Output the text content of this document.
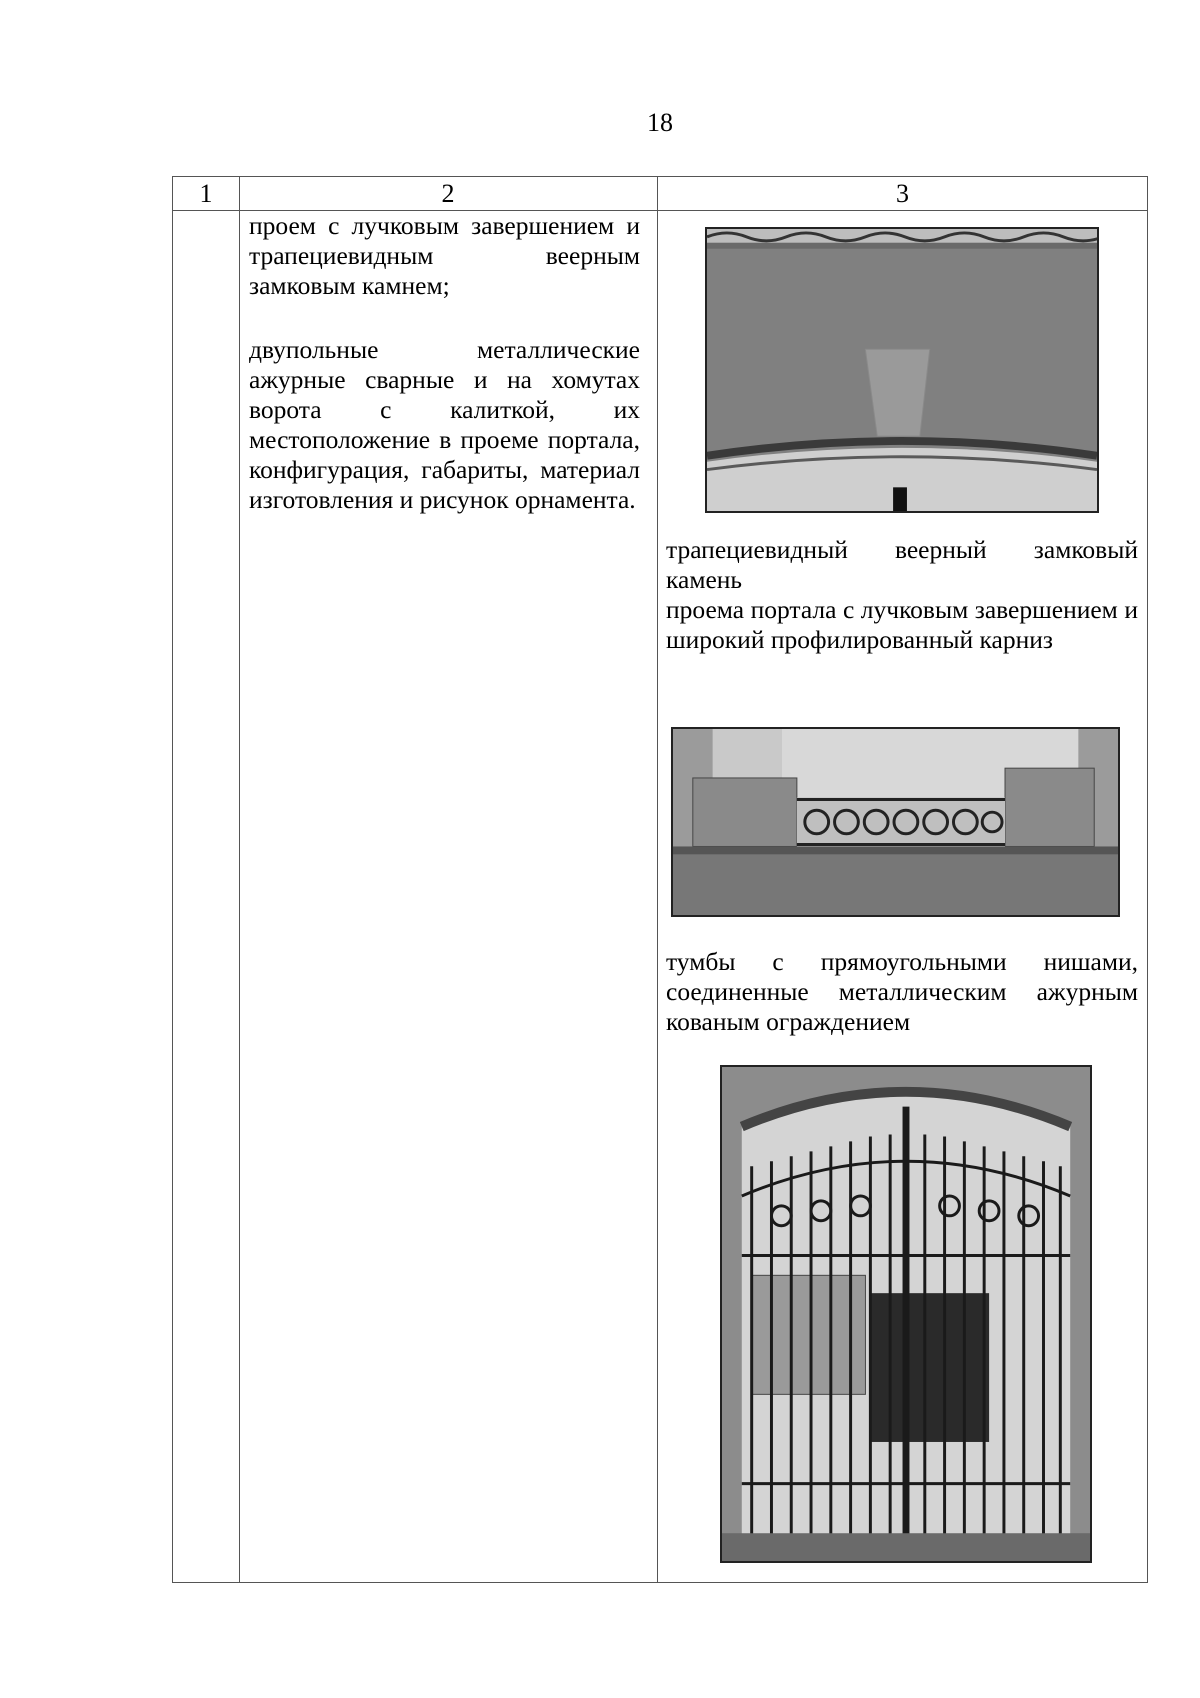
18
1	2	3

проем с лучковым завершением и трапециевидным веерным замковым камнем;

двупольные металлические ажурные сварные и на хомутах ворота с калиткой, их местоположение в проеме портала, конфигурация, габариты, материал изготовления и рисунок орнамента.

трапециевидный веерный замковый камень

проема портала с лучковым завершением и широкий профилированный карниз

тумбы с прямоугольными нишами, соединенные металлическим ажурным кованым ограждением
